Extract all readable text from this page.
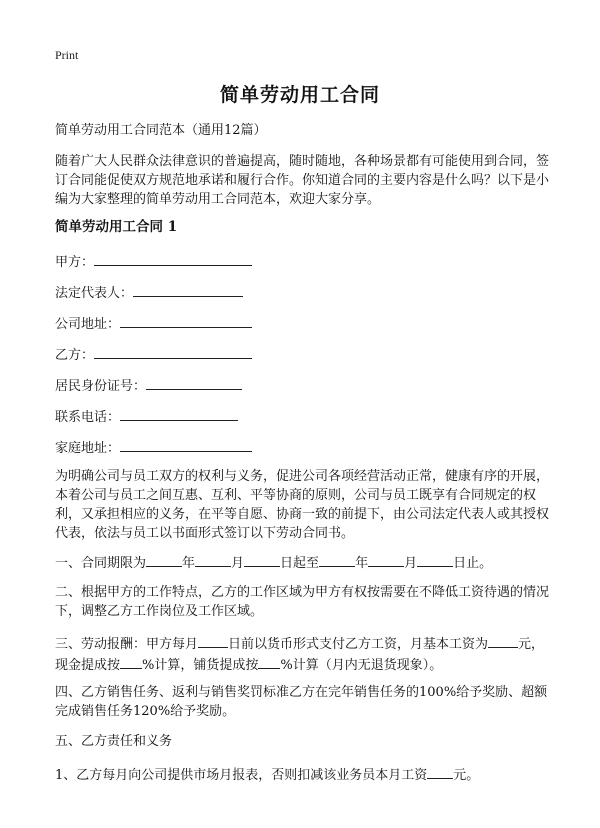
Print
简单劳动用工合同
简单劳动用工合同范本（通用12篇）
随着广大人民群众法律意识的普遍提高，随时随地，各种场景都有可能使用到合同，签订合同能促使双方规范地承诺和履行合作。你知道合同的主要内容是什么吗？以下是小编为大家整理的简单劳动用工合同范本，欢迎大家分享。
简单劳动用工合同 1
甲方：
法定代表人：
公司地址：
乙方：
居民身份证号：
联系电话：
家庭地址：
为明确公司与员工双方的权利与义务，促进公司各项经营活动正常，健康有序的开展，本着公司与员工之间互惠、互利、平等协商的原则，公司与员工既享有合同规定的权利，又承担相应的义务，在平等自愿、协商一致的前提下，由公司法定代表人或其授权代表，依法与员工以书面形式签订以下劳动合同书。
一、合同期限为	年	月	日起至	年	月	日止。
二、根据甲方的工作特点，乙方的工作区域为甲方有权按需要在不降低工资待遇的情况下，调整乙方工作岗位及工作区域。
三、劳动报酬：甲方每月 日前以货币形式支付乙方工资，月基本工资为 元，现金提成按 %计算，铺货提成按 %计算（月内无退货现象）。
四、乙方销售任务、返利与销售奖罚标准乙方在完年销售任务的100%给予奖励、超额完成销售任务120%给予奖励。
五、乙方责任和义务
1、乙方每月向公司提供市场月报表，否则扣减该业务员本月工资 元。
